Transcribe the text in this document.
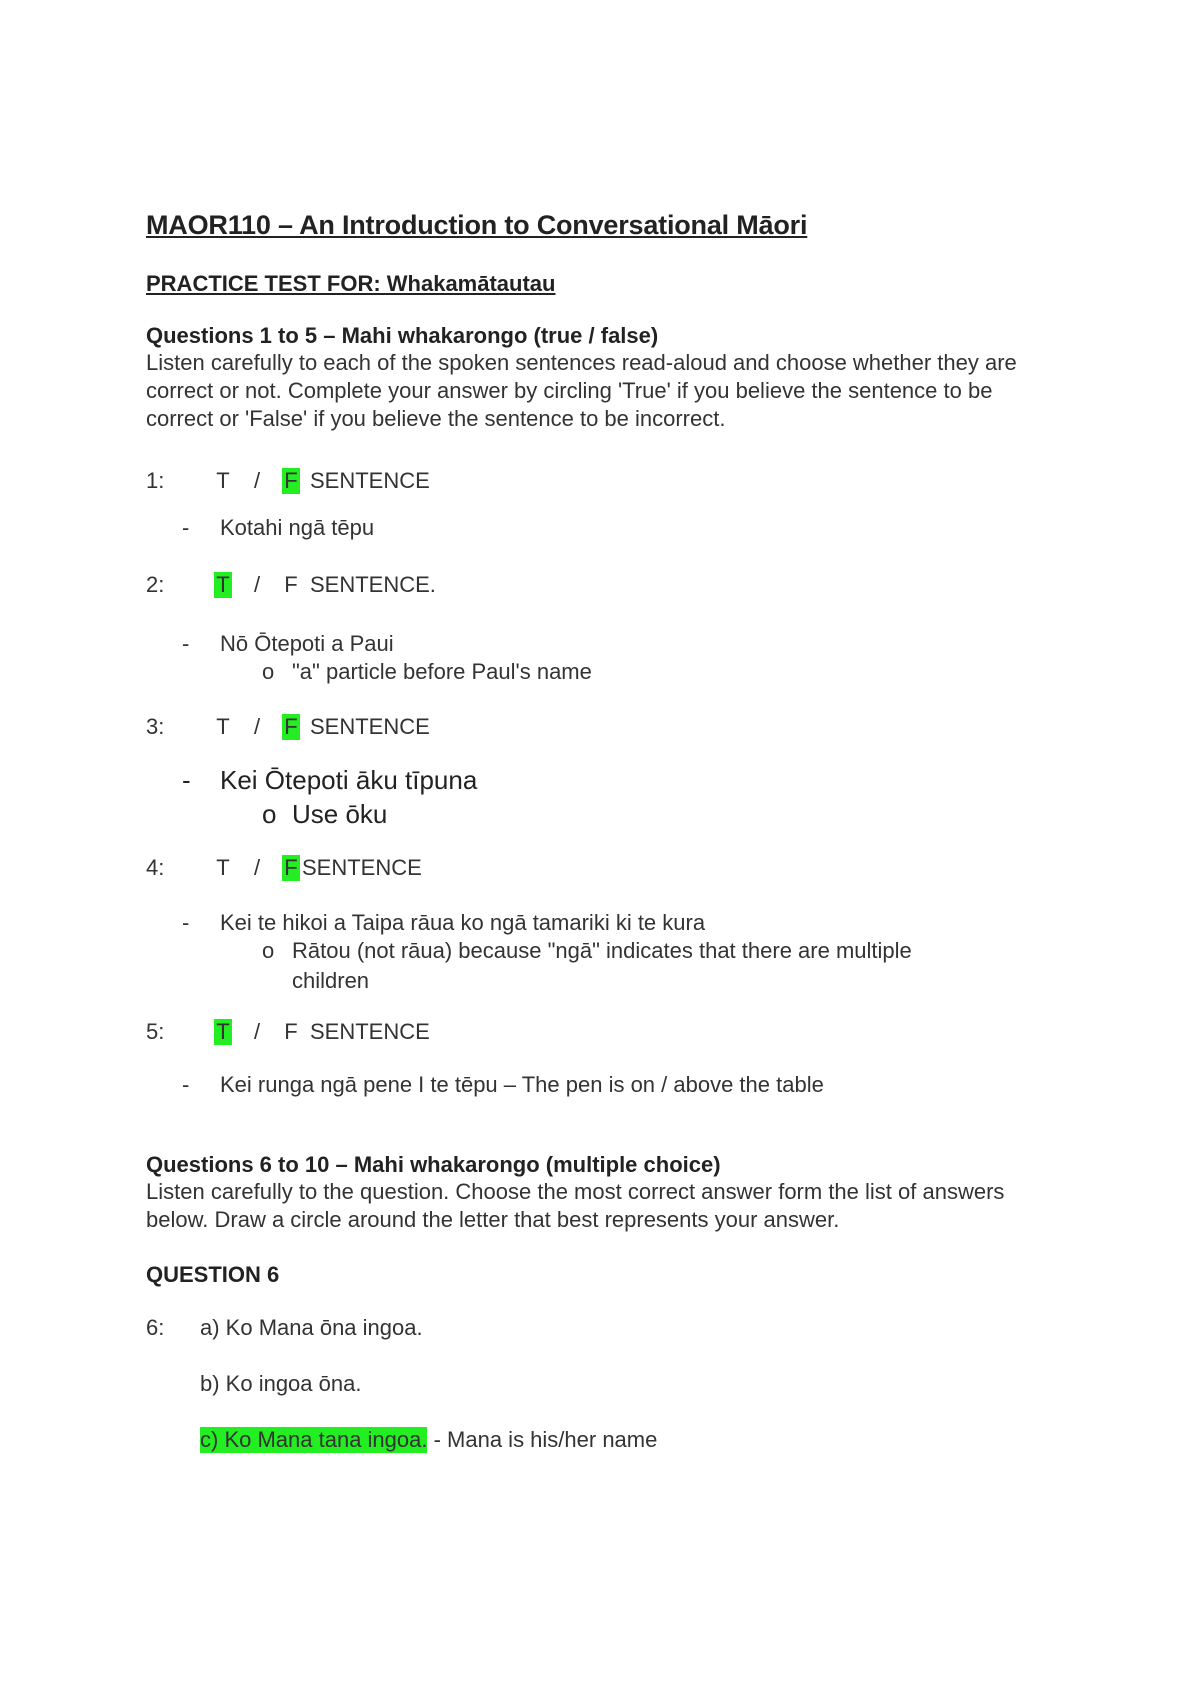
MAOR110 – An Introduction to Conversational Māori

PRACTICE TEST FOR: Whakamātautau

Questions 1 to 5 – Mahi whakarongo (true / false)

Listen carefully to each of the spoken sentences read-aloud and choose whether they are correct or not. Complete your answer by circling 'True' if you believe the sentence to be correct or 'False' if you believe the sentence to be incorrect.

1:	T	/	F SENTENCE
-	Kotahi ngā tēpu
2:	T	/	F SENTENCE.
-	Nō Ōtepoti a Paui
o "a" particle before Paul's name
3:	T	/	F SENTENCE
-	Kei Ōtepoti āku tīpuna
o Use ōku
4:	T	/	F SENTENCE
-	Kei te hikoi a Taipa rāua ko ngā tamariki ki te kura
o Rātou (not rāua) because "ngā" indicates that there are multiple children
5:	T	/	F SENTENCE
-	Kei runga ngā pene I te tēpu – The pen is on / above the table

Questions 6 to 10 – Mahi whakarongo (multiple choice)

Listen carefully to the question. Choose the most correct answer form the list of answers below. Draw a circle around the letter that best represents your answer.

QUESTION 6

6:	a) Ko Mana ōna ingoa.
b) Ko ingoa ōna.
c) Ko Mana tana ingoa. - Mana is his/her name
